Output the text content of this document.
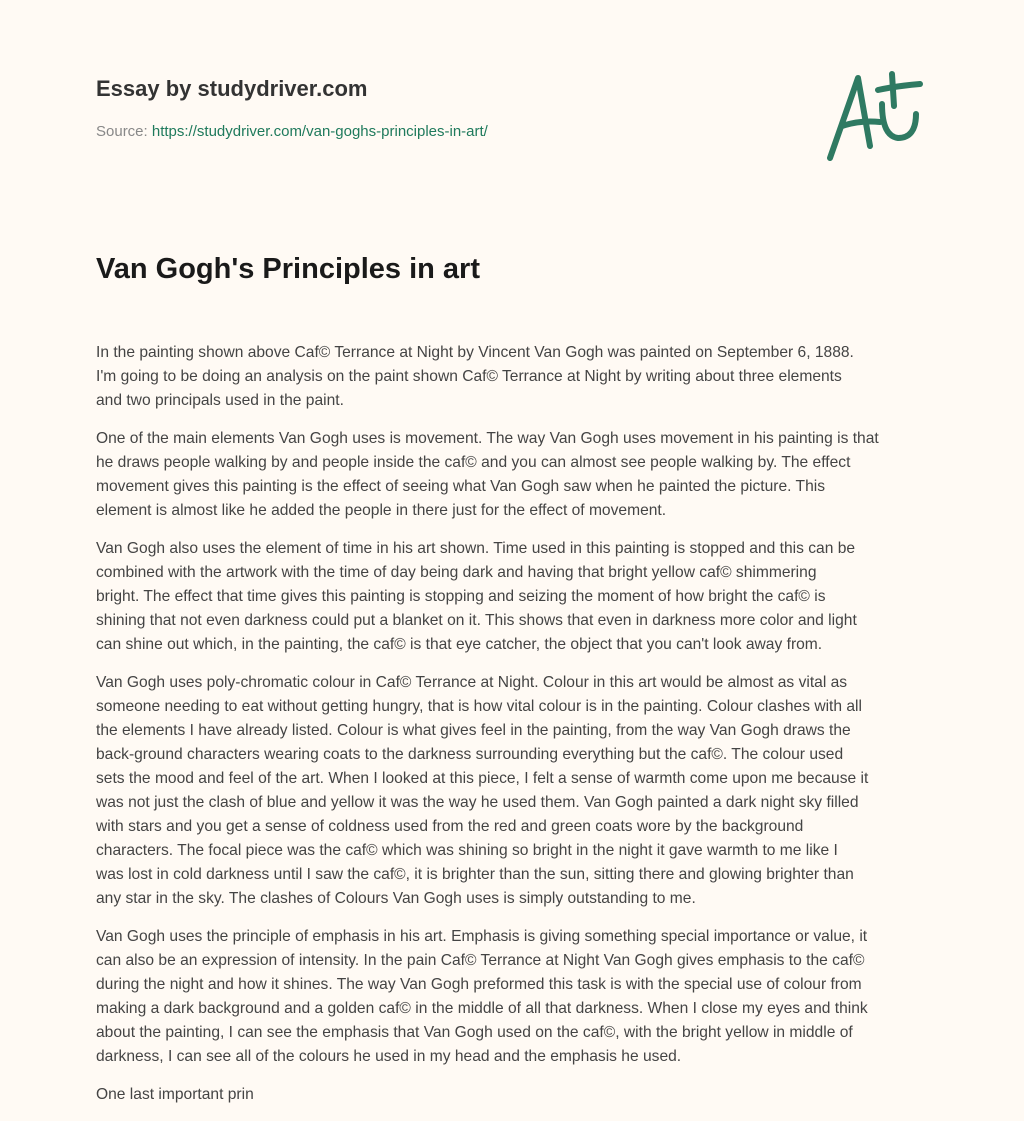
Essay by studydriver.com
Source: https://studydriver.com/van-goghs-principles-in-art/
Van Gogh's Principles in art

In the painting shown above Caf© Terrance at Night by Vincent Van Gogh was painted on September 6, 1888.
I'm going to be doing an analysis on the paint shown Caf© Terrance at Night by writing about three elements
and two principals used in the paint.

One of the main elements Van Gogh uses is movement. The way Van Gogh uses movement in his painting is that
he draws people walking by and people inside the caf© and you can almost see people walking by. The effect
movement gives this painting is the effect of seeing what Van Gogh saw when he painted the picture. This
element is almost like he added the people in there just for the effect of movement.

Van Gogh also uses the element of time in his art shown. Time used in this painting is stopped and this can be
combined with the artwork with the time of day being dark and having that bright yellow caf© shimmering
bright. The effect that time gives this painting is stopping and seizing the moment of how bright the caf© is
shining that not even darkness could put a blanket on it. This shows that even in darkness more color and light
can shine out which, in the painting, the caf© is that eye catcher, the object that you can't look away from.

Van Gogh uses poly-chromatic colour in Caf© Terrance at Night. Colour in this art would be almost as vital as
someone needing to eat without getting hungry, that is how vital colour is in the painting. Colour clashes with all
the elements I have already listed. Colour is what gives feel in the painting, from the way Van Gogh draws the
back-ground characters wearing coats to the darkness surrounding everything but the caf©. The colour used
sets the mood and feel of the art. When I looked at this piece, I felt a sense of warmth come upon me because it
was not just the clash of blue and yellow it was the way he used them. Van Gogh painted a dark night sky filled
with stars and you get a sense of coldness used from the red and green coats wore by the background
characters. The focal piece was the caf© which was shining so bright in the night it gave warmth to me like I
was lost in cold darkness until I saw the caf©, it is brighter than the sun, sitting there and glowing brighter than
any star in the sky. The clashes of Colours Van Gogh uses is simply outstanding to me.

Van Gogh uses the principle of emphasis in his art. Emphasis is giving something special importance or value, it
can also be an expression of intensity. In the pain Caf© Terrance at Night Van Gogh gives emphasis to the caf©
during the night and how it shines. The way Van Gogh preformed this task is with the special use of colour from
making a dark background and a golden caf© in the middle of all that darkness. When I close my eyes and think
about the painting, I can see the emphasis that Van Gogh used on the caf©, with the bright yellow in middle of
darkness, I can see all of the colours he used in my head and the emphasis he used.

One last important prin
